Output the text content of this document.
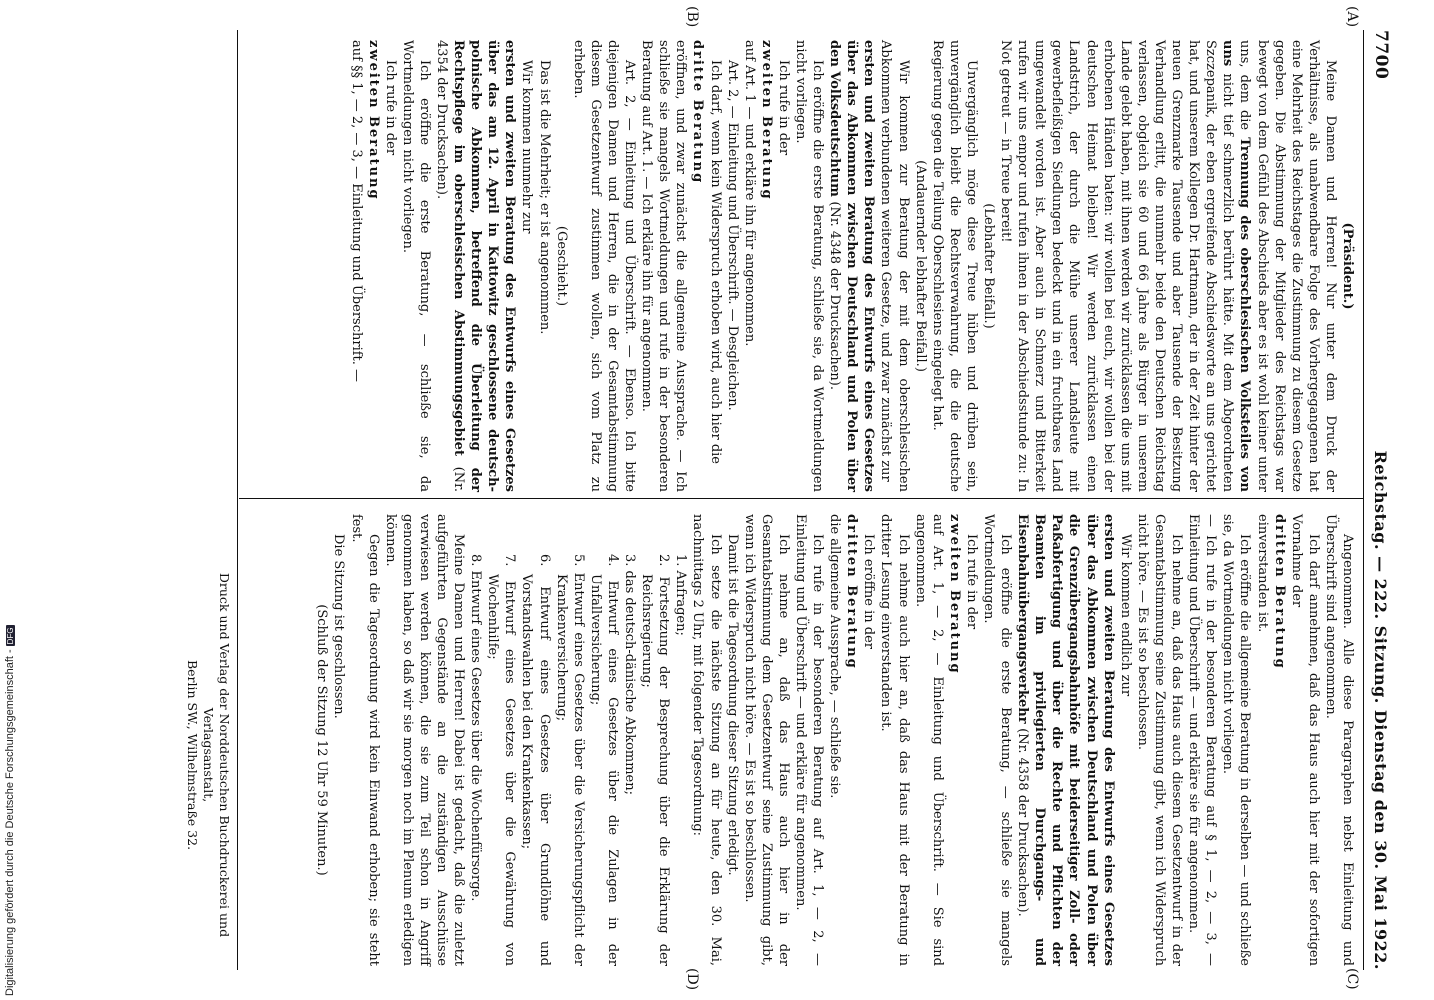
7700
Reichstag. — 222. Sitzung. Dienstag den 30. Mai 1922.
(A)
(B)
(C)
(D)

(Präsident.)

Meine Damen und Herren! Nur unter dem Druck der Verhältnisse, als unabwendbare Folge des Vorhergegangenen hat eine Mehrheit des Reichstages die Zustimmung zu diesem Gesetze gegeben. Die Abstimmung der Mitglieder des Reichstags war bewegt von dem Gefühl des Abschieds aber es ist wohl keiner unter uns, dem die Trennung des oberschlesischen Volksteiles von uns nicht tief schmerzlich berührt hätte. Mit dem Abgeordneten Szczepanik, der eben ergreifende Abschiedsworte an uns gerichtet hat, und unserem Kollegen Dr. Hartmann, der in der Zeit hinter der neuen Grenzmarke Tausende und aber Tausende der Besitzung Verhandlung erlitt, die nunmehr beide den Deutschen Reichstag verlassen, obgleich sie 60 und 66 Jahre als Bürger in unserem Lande gelebt haben, mit ihnen werden wir zurücklassen die uns mit erhobenen Händen baten: wir wollen bei euch, wir wollen bei der deutschen Heimat bleiben! Wir werden zurücklassen einen Landstrich, der durch die Mühe unserer Landsleute mit gewerbefleißigen Siedlungen bedeckt und in ein fruchtbares Land umgewandelt worden ist. Aber auch in Schmerz und Bitterkeit rufen wir uns empor und rufen ihnen in der Abschiedsstunde zu: In Not getreut — in Treue bereit!

(Lebhafter Beifall.)

Unvergänglich möge diese Treue hüben und drüben sein, unvergänglich bleibt die Rechtsverwahrung, die die deutsche Regierung gegen die Teilung Oberschlesiens eingelegt hat.

(Andauernder lebhafter Beifall.)

Wir kommen zur Beratung der mit dem oberschlesischen Abkommen verbundenen weiteren Gesetze, und zwar zunächst zur

ersten und zweiten Beratung des Entwurfs eines Gesetzes über das Abkommen zwischen Deutschland und Polen über den Volksdeutschtum (Nr. 4348 der Drucksachen).

Ich eröffne die erste Beratung, schließe sie, da Wortmeldungen nicht vorliegen.

Ich rufe in der

zweiten Beratung

auf Art. 1 — und erkläre ihn für angenommen.

Art. 2, — Einleitung und Überschrift. — Desgleichen.

Ich darf, wenn kein Widerspruch erhoben wird, auch hier die

dritte Beratung

eröffnen, und zwar zunächst die allgemeine Aussprache. — Ich schließe sie mangels Wortmeldungen und rufe in der besonderen Beratung auf Art. 1. — Ich erkläre ihn für angenommen.

Art. 2, — Einleitung und Überschrift. — Ebenso. Ich bitte diejenigen Damen und Herren, die in der Gesamtabstimmung diesem Gesetzentwurf zustimmen wollen, sich vom Platz zu erheben.

(Geschieht.)

Das ist die Mehrheit; er ist angenommen.

Wir kommen nunmehr zur

ersten und zweiten Beratung des Entwurfs eines Gesetzes über das am 12. April in Kattowitz geschlossene deutsch-polnische Abkommen, betreffend die Überleitung der Rechtspflege im oberschlesischen Abstimmungsgebiet (Nr. 4354 der Drucksachen).

Ich eröffne die erste Beratung, — schließe sie, da Wortmeldungen nicht vorliegen.

Ich rufe in der

zweiten Beratung

auf §§ 1, — 2, — 3, — Einleitung und Überschrift. —

Angenommen. Alle diese Paragraphen nebst Einleitung und Überschrift sind angenommen.

Ich darf annehmen, daß das Haus auch hier mit der sofortigen Vornahme der

dritten Beratung

einverstanden ist.

Ich eröffne die allgemeine Beratung in derselben — und schließe sie, da Wortmeldungen nicht vorliegen.

— Ich rufe in der besonderen Beratung auf § 1, — 2, — 3, — Einleitung und Überschrift — und erkläre sie für angenommen.

Ich nehme an, daß das Haus auch diesem Gesetzentwurf in der Gesamtabstimmung seine Zustimmung gibt, wenn ich Widerspruch nicht höre. — Es ist so beschlossen.

Wir kommen endlich zur

ersten und zweiten Beratung des Entwurfs eines Gesetzes über das Abkommen zwischen Deutschland und Polen über die Grenzübergangsbahnhöfe mit beiderseitiger Zoll- oder Paßabfertigung und über die Rechte und Pflichten der Beamten im privilegierten Durchgangs- und Eisenbahnübergangsverkehr (Nr. 4358 der Drucksachen).

Ich eröffne die erste Beratung, — schließe sie mangels Wortmeldungen.

Ich rufe in der

zweiten Beratung

auf Art. 1, — 2, — Einleitung und Überschrift. — Sie sind angenommen.

Ich nehme auch hier an, daß das Haus mit der Beratung in dritter Lesung einverstanden ist.

Ich eröffne in der

dritten Beratung

die allgemeine Aussprache, — schließe sie.

Ich rufe in der besonderen Beratung auf Art. 1, — 2, — Einleitung und Überschrift — und erkläre für angenommen.

Ich nehme an, daß das Haus auch hier in der Gesamtabstimmung dem Gesetzentwurf seine Zustimmung gibt, wenn ich Widerspruch nicht höre. — Es ist so beschlossen.

Damit ist die Tagesordnung dieser Sitzung erledigt.

Ich setze die nächste Sitzung an für heute, den 30. Mai, nachmittags 2 Uhr, mit folgender Tagesordnung:

1. Anfragen;

2. Fortsetzung der Besprechung über die Erklärung der Reichsregierung;

3. das deutsch-dänische Abkommen;

4. Entwurf eines Gesetzes über die Zulagen in der Unfallversicherung;

5. Entwurf eines Gesetzes über die Versicherungspflicht der Krankenversicherung;

6. Entwurf eines Gesetzes über Grundlöhne und Vorstandswahlen bei den Krankenkassen;

7. Entwurf eines Gesetzes über die Gewährung von Wochenhilfe;

8. Entwurf eines Gesetzes über die Wochenfürsorge.

Meine Damen und Herren! Dabei ist gedacht, daß die zuletzt aufgeführten Gegenstände an die zuständigen Ausschüsse verwiesen werden können, die sie zum Teil schon in Angriff genommen haben, so daß wir sie morgen noch im Plenum erledigen können.

Gegen die Tagesordnung wird kein Einwand erhoben; sie steht fest.

Die Sitzung ist geschlossen.

(Schluß der Sitzung 12 Uhr 59 Minuten.)

Druck und Verlag der Norddeutschen Buchdruckerei und Verlagsanstalt,
Berlin SW., Wilhelmstraße 32.
Digitalisierung gefördert durch die Deutsche Forschungsgemeinschaft -DFG
